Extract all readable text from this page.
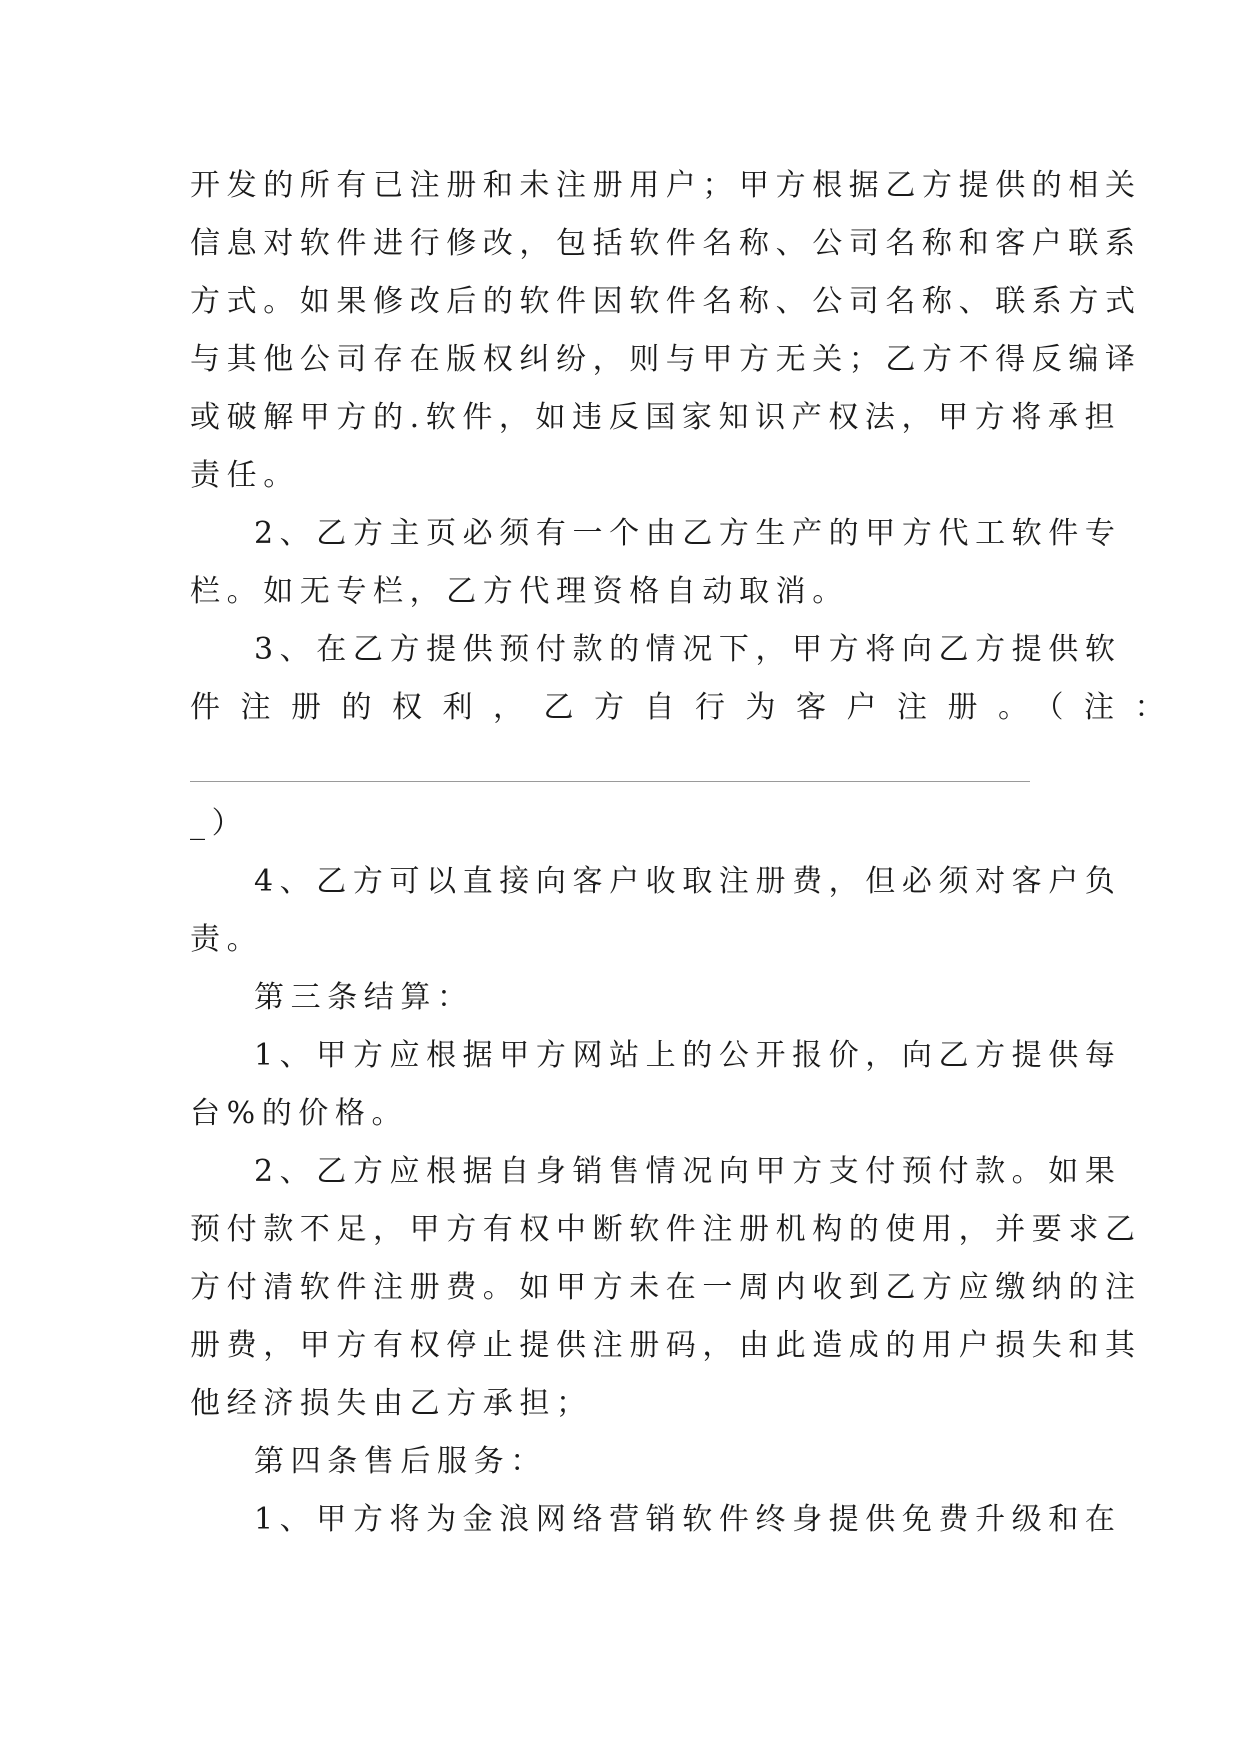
开发的所有已注册和未注册用户；甲方根据乙方提供的相关
信息对软件进行修改，包括软件名称、公司名称和客户联系
方式。如果修改后的软件因软件名称、公司名称、联系方式
与其他公司存在版权纠纷，则与甲方无关；乙方不得反编译
或破解甲方的.软件，如违反国家知识产权法，甲方将承担
责任。
2、乙方主页必须有一个由乙方生产的甲方代工软件专
栏。如无专栏，乙方代理资格自动取消。
3、在乙方提供预付款的情况下，甲方将向乙方提供软
件注册的权利，乙方自行为客户注册。（注：
_）
4、乙方可以直接向客户收取注册费，但必须对客户负
责。
第三条结算：
1、甲方应根据甲方网站上的公开报价，向乙方提供每
台%的价格。
2、乙方应根据自身销售情况向甲方支付预付款。如果
预付款不足，甲方有权中断软件注册机构的使用，并要求乙
方付清软件注册费。如甲方未在一周内收到乙方应缴纳的注
册费，甲方有权停止提供注册码，由此造成的用户损失和其
他经济损失由乙方承担；
第四条售后服务：
1、甲方将为金浪网络营销软件终身提供免费升级和在
